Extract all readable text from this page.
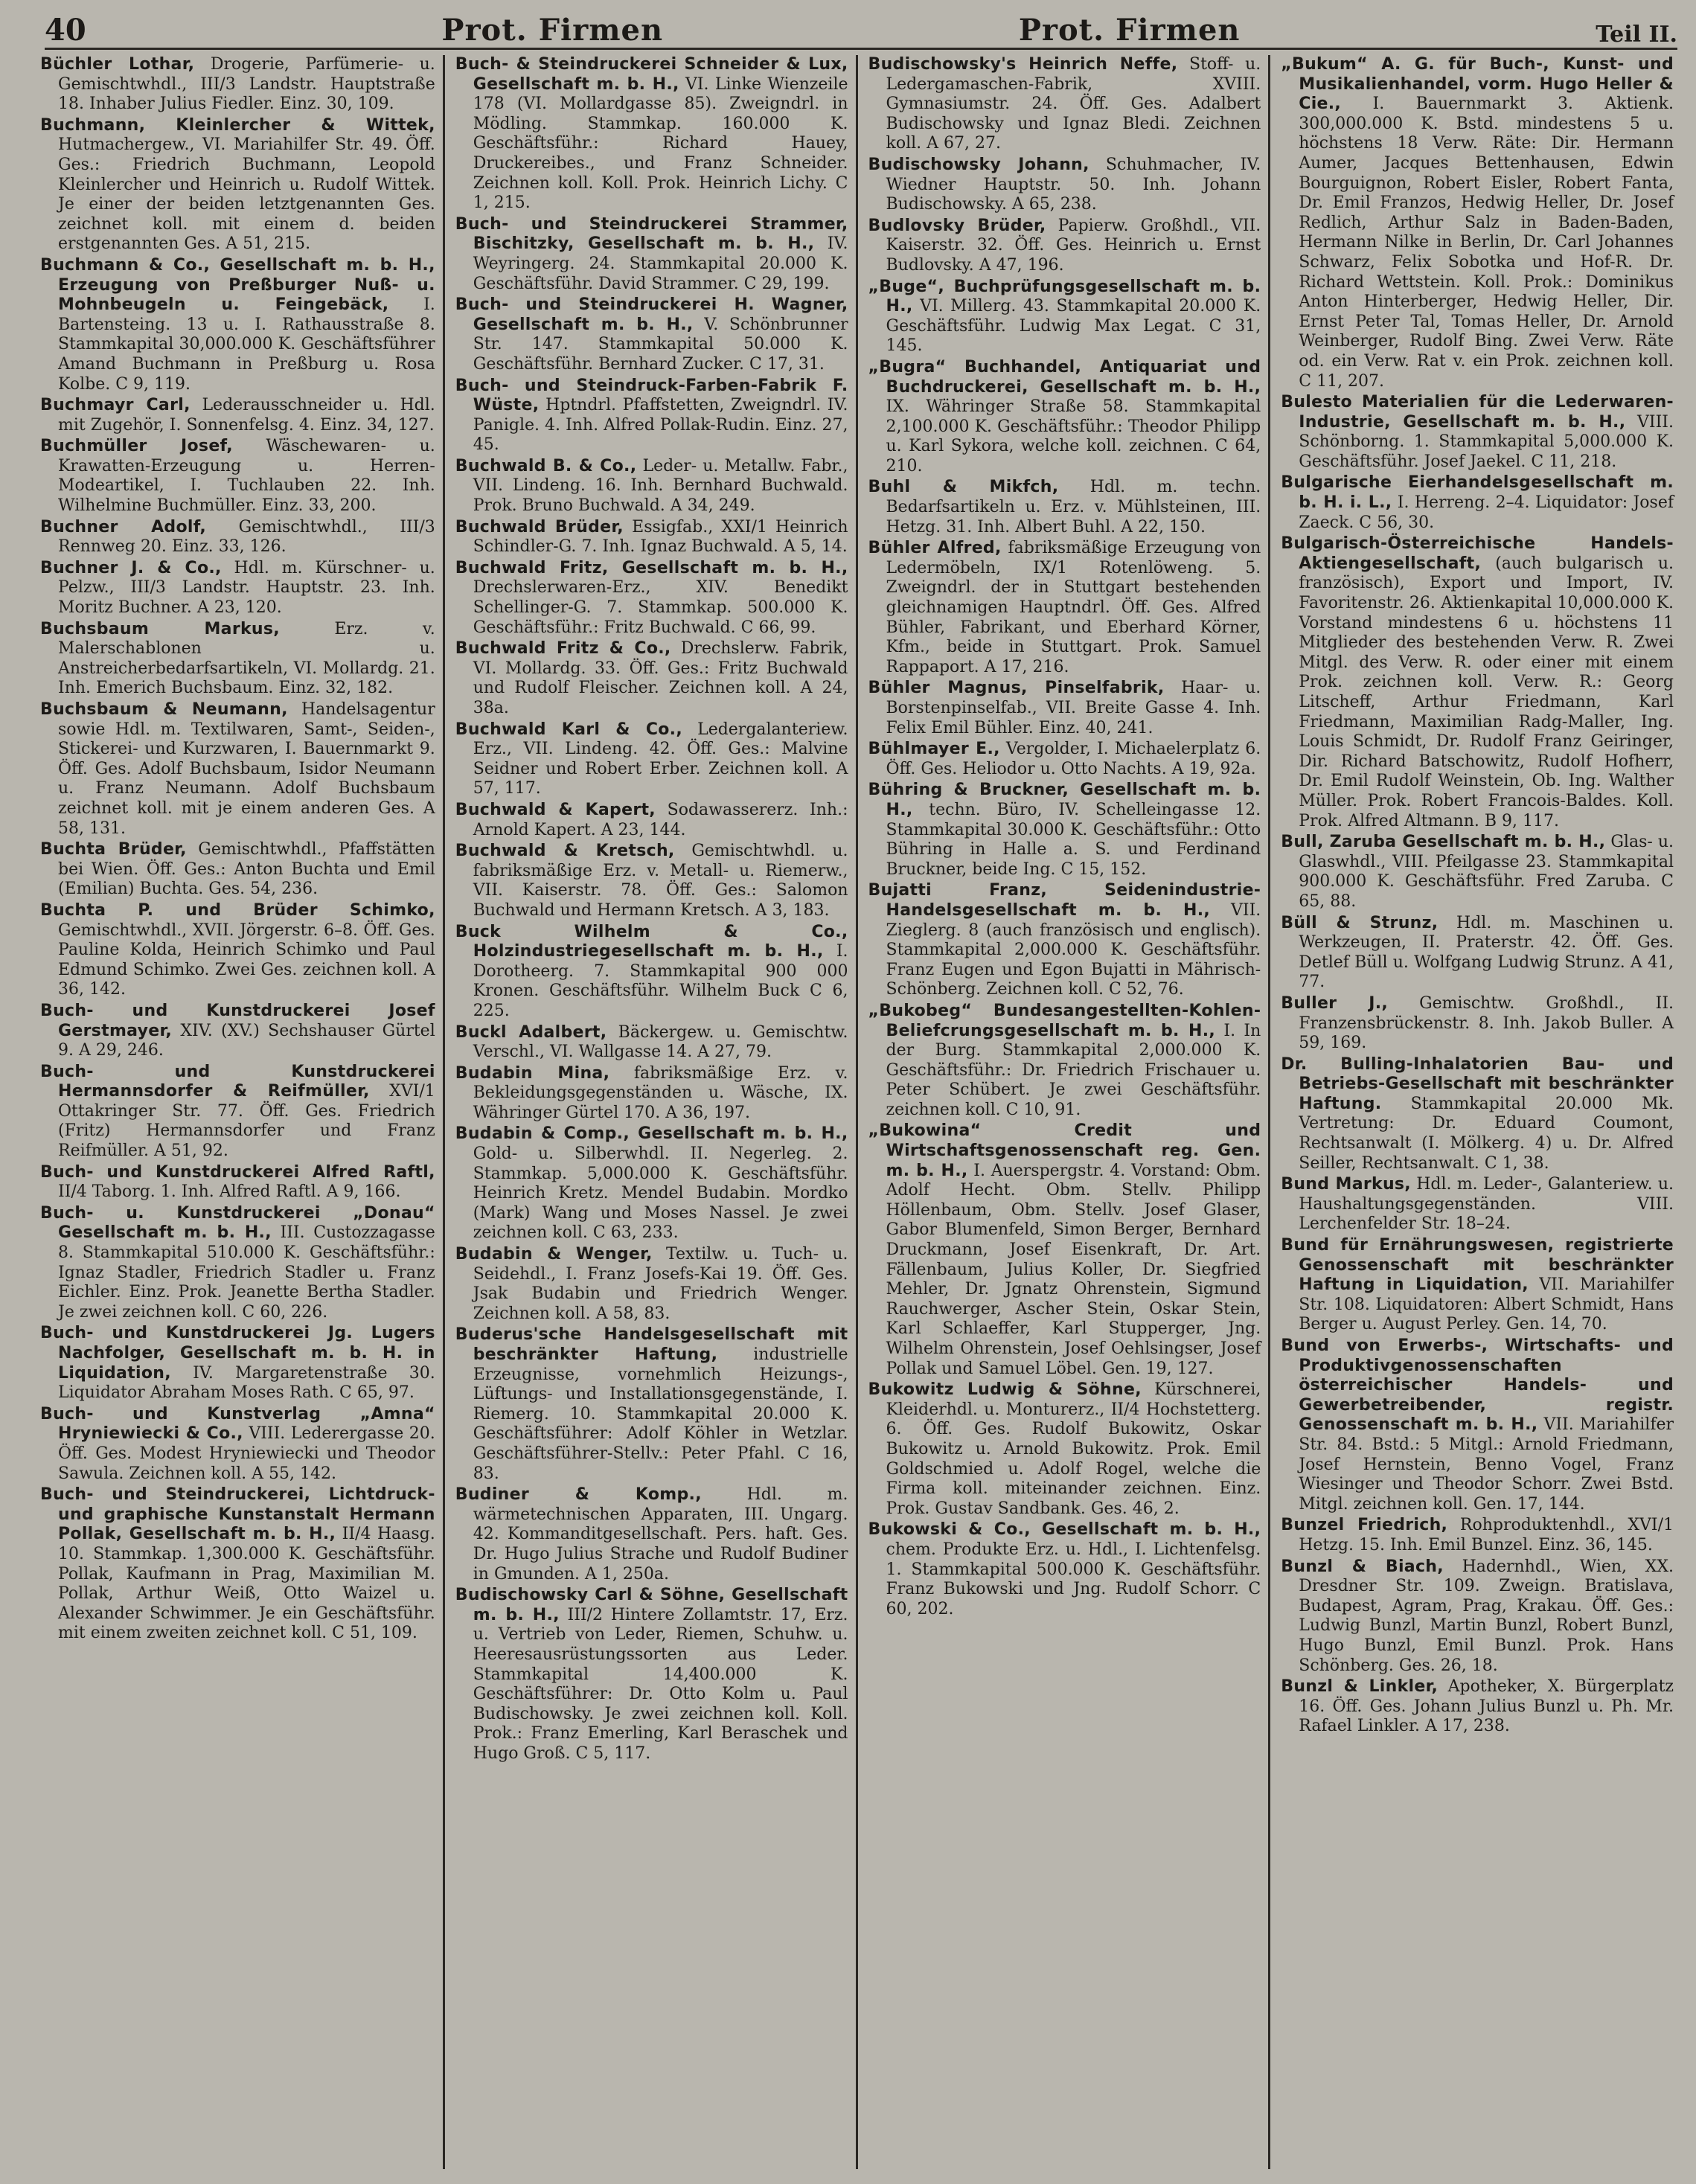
40	Prot. Firmen	Prot. Firmen	Teil II.

Büchler Lothar, Drogerie, Parfümerie- u. Gemischtwhdl., III/3 Landstr. Hauptstraße 18. Inhaber Julius Fiedler. Einz. 30, 109.

Buchmann, Kleinlercher & Wittek, Hutmachergew., VI. Mariahilfer Str. 49. Öff. Ges.: Friedrich Buchmann, Leopold Kleinlercher und Heinrich u. Rudolf Wittek. Je einer der beiden letztgenannten Ges. zeichnet koll. mit einem d. beiden erstgenannten Ges. A 51, 215.

Buchmann & Co., Gesellschaft m. b. H., Erzeugung von Preßburger Nuß- u. Mohnbeugeln u. Feingebäck, I. Bartensteing. 13 u. I. Rathausstraße 8. Stammkapital 30,000.000 K. Geschäftsführer Amand Buchmann in Preßburg u. Rosa Kolbe. C 9, 119.

Buchmayr Carl, Lederausschneider u. Hdl. mit Zugehör, I. Sonnenfelsg. 4. Einz. 34, 127.

Buchmüller Josef, Wäschewaren- u. Krawatten-Erzeugung u. Herren-Modeartikel, I. Tuchlauben 22. Inh. Wilhelmine Buchmüller. Einz. 33, 200.

Buchner Adolf, Gemischtwhdl., III/3 Rennweg 20. Einz. 33, 126.

Buchner J. & Co., Hdl. m. Kürschner- u. Pelzw., III/3 Landstr. Hauptstr. 23. Inh. Moritz Buchner. A 23, 120.

Buchsbaum Markus,	Erz. v. Malerschablonen u. Anstreicherbedarfsartikeln, VI. Mollardg. 21. Inh. Emerich Buchsbaum. Einz. 32, 182.

Buchsbaum & Neumann, Handelsagentur sowie Hdl. m. Textilwaren, Samt-, Seiden-, Stickerei- und Kurzwaren, I. Bauernmarkt 9. Öff. Ges. Adolf Buchsbaum, Isidor Neumann u. Franz Neumann. Adolf Buchsbaum zeichnet koll. mit je einem anderen Ges. A 58, 131.

Buchta Brüder, Gemischtwhdl., Pfaffstätten bei Wien. Öff. Ges.: Anton Buchta und Emil (Emilian) Buchta. Ges. 54, 236.

Buchta P. und Brüder Schimko, Gemischtwhdl., XVII. Jörgerstr. 6–8. Öff. Ges. Pauline Kolda, Heinrich Schimko und Paul Edmund Schimko. Zwei Ges. zeichnen koll. A 36, 142.

Buch- und Kunstdruckerei Josef Gerstmayer, XIV. (XV.) Sechshauser Gürtel 9. A 29, 246.

Buch- und Kunstdruckerei Hermannsdorfer & Reifmüller, XVI/1 Ottakringer Str. 77. Öff. Ges. Friedrich (Fritz) Hermannsdorfer und Franz Reifmüller. A 51, 92.

Buch- und Kunstdruckerei Alfred Raftl, II/4 Taborg. 1. Inh. Alfred Raftl. A 9, 166.

Buch- u. Kunstdruckerei „Donau“ Gesellschaft m. b. H., III. Custozzagasse 8. Stammkapital 510.000 K. Geschäftsführ.: Ignaz Stadler, Friedrich Stadler u. Franz Eichler. Einz. Prok. Jeanette Bertha Stadler. Je zwei zeichnen koll. C 60, 226.

Buch- und Kunstdruckerei Jg. Lugers Nachfolger, Gesellschaft m. b. H. in Liquidation, IV. Margaretenstraße 30. Liquidator Abraham Moses Rath. C 65, 97.

Buch- und Kunstverlag „Amna“ Hryniewiecki & Co., VIII. Lederergasse 20. Öff. Ges. Modest Hryniewiecki und Theodor Sawula. Zeichnen koll. A 55, 142.

Buch- und Steindruckerei, Lichtdruck- und graphische Kunstanstalt Hermann Pollak, Gesellschaft m. b. H., II/4 Haasg. 10. Stammkap. 1,300.000 K. Geschäftsführ. Pollak, Kaufmann in Prag, Maximilian M. Pollak, Arthur Weiß, Otto Waizel u. Alexander Schwimmer. Je ein Geschäftsführ. mit einem zweiten zeichnet koll. C 51, 109.

Buch- & Steindruckerei Schneider & Lux, Gesellschaft m. b. H., VI. Linke Wienzeile 178 (VI. Mollardgasse 85). Zweigndrl. in Mödling. Stammkap. 160.000 K. Geschäftsführ.: Richard Hauey, Druckereibes., und Franz Schneider. Zeichnen koll. Koll. Prok. Heinrich Lichy. C 1, 215.

Buch- und Steindruckerei Strammer, Bischitzky, Gesellschaft m. b. H., IV. Weyringerg. 24. Stammkapital 20.000 K. Geschäftsführ. David Strammer. C 29, 199.

Buch- und Steindruckerei H. Wagner, Gesellschaft m. b. H., V. Schönbrunner Str. 147. Stammkapital 50.000 K. Geschäftsführ. Bernhard Zucker. C 17, 31.

Buch- und Steindruck-Farben-Fabrik F. Wüste, Hptndrl. Pfaffstetten, Zweigndrl. IV. Panigle. 4. Inh. Alfred Pollak-Rudin. Einz. 27, 45.

Buchwald B. & Co., Leder- u. Metallw. Fabr., VII. Lindeng. 16. Inh. Bernhard Buchwald. Prok. Bruno Buchwald. A 34, 249.

Buchwald Brüder, Essigfab., XXI/1 Heinrich Schindler-G. 7. Inh. Ignaz Buchwald. A 5, 14.

Buchwald Fritz, Gesellschaft m. b. H., Drechslerwaren-Erz., XIV. Benedikt Schellinger-G. 7. Stammkap. 500.000 K. Geschäftsführ.: Fritz Buchwald. C 66, 99.

Buchwald Fritz & Co., Drechslerw. Fabrik, VI. Mollardg. 33. Öff. Ges.: Fritz Buchwald und Rudolf Fleischer. Zeichnen koll. A 24, 38a.

Buchwald Karl & Co., Ledergalanteriew. Erz., VII. Lindeng. 42. Öff. Ges.: Malvine Seidner und Robert Erber. Zeichnen koll. A 57, 117.

Buchwald & Kapert, Sodawassererz. Inh.: Arnold Kapert. A 23, 144.

Buchwald & Kretsch, Gemischtwhdl. u. fabriksmäßige Erz. v. Metall- u. Riemerw., VII. Kaiserstr. 78. Öff. Ges.: Salomon Buchwald und Hermann Kretsch. A 3, 183.

Buck Wilhelm & Co., Holzindustriegesellschaft m. b. H., I. Dorotheerg. 7. Stammkapital 900 000 Kronen. Geschäftsführ. Wilhelm Buck C 6, 225.

Buckl Adalbert, Bäckergew. u. Gemischtw. Verschl., VI. Wallgasse 14. A 27, 79.

Budabin Mina, fabriksmäßige Erz. v. Bekleidungsgegenständen u. Wäsche, IX. Währinger Gürtel 170. A 36, 197.

Budabin & Comp., Gesellschaft m. b. H., Gold- u. Silberwhdl. II. Negerleg. 2. Stammkap. 5,000.000 K. Geschäftsführ. Heinrich Kretz. Mendel Budabin. Mordko (Mark) Wang und Moses Nassel. Je zwei zeichnen koll. C 63, 233.

Budabin & Wenger, Textilw. u. Tuch- u. Seidehdl., I. Franz Josefs-Kai 19. Öff. Ges. Jsak Budabin und Friedrich Wenger. Zeichnen koll. A 58, 83.

Buderus'sche Handelsgesellschaft mit beschränkter Haftung, industrielle Erzeugnisse, vornehmlich Heizungs-, Lüftungs- und Installationsgegenstände, I. Riemerg. 10. Stammkapital 20.000 K. Geschäftsführer: Adolf Köhler in Wetzlar. Geschäftsführer-Stellv.: Peter Pfahl. C 16, 83.

Budiner & Komp.,	Hdl. m. wärmetechnischen Apparaten, III. Ungarg. 42. Kommanditgesellschaft. Pers. haft. Ges. Dr. Hugo Julius Strache und Rudolf Budiner in Gmunden. A 1, 250a.

Budischowsky Carl & Söhne, Gesellschaft m. b. H., III/2 Hintere Zollamtstr. 17, Erz. u. Vertrieb von Leder, Riemen, Schuhw. u. Heeresausrüstungssorten aus Leder. Stammkapital 14,400.000 K. Geschäftsführer: Dr. Otto Kolm u. Paul Budischowsky. Je zwei zeichnen koll. Koll. Prok.: Franz Emerling, Karl Beraschek und Hugo Groß. C 5, 117.

Budischowsky's Heinrich Neffe, Stoff- u. Ledergamaschen-Fabrik, XVIII. Gymnasiumstr. 24. Öff. Ges. Adalbert Budischowsky und Ignaz Bledi. Zeichnen koll. A 67, 27.

Budischowsky Johann, Schuhmacher, IV. Wiedner Hauptstr. 50. Inh. Johann Budischowsky. A 65, 238.

Budlovsky Brüder, Papierw. Großhdl., VII. Kaiserstr. 32. Öff. Ges. Heinrich u. Ernst Budlovsky. A 47, 196.

„Buge“, Buchprüfungsgesellschaft m. b. H., VI. Millerg. 43. Stammkapital 20.000 K. Geschäftsführ. Ludwig Max Legat. C 31, 145.

„Bugra“ Buchhandel, Antiquariat und Buchdruckerei, Gesellschaft m. b. H., IX. Währinger Straße 58. Stammkapital 2,100.000 K. Geschäftsführ.: Theodor Philipp u. Karl Sykora, welche koll. zeichnen. C 64, 210.

Buhl & Mikfch, Hdl. m. techn. Bedarfsartikeln u. Erz. v. Mühlsteinen, III. Hetzg. 31. Inh. Albert Buhl. A 22, 150.

Bühler Alfred, fabriksmäßige Erzeugung von Ledermöbeln, IX/1 Rotenlöweng. 5. Zweigndrl. der in Stuttgart bestehenden gleichnamigen Hauptndrl. Öff. Ges. Alfred Bühler, Fabrikant, und Eberhard Körner, Kfm., beide in Stuttgart. Prok. Samuel Rappaport. A 17, 216.

Bühler Magnus, Pinselfabrik, Haar- u. Borstenpinselfab., VII. Breite Gasse 4. Inh. Felix Emil Bühler. Einz. 40, 241.

Bühlmayer E., Vergolder, I. Michaelerplatz 6. Öff. Ges. Heliodor u. Otto Nachts. A 19, 92a.

Bühring & Bruckner, Gesellschaft m. b. H., techn. Büro, IV. Schelleingasse 12. Stammkapital 30.000 K. Geschäftsführ.: Otto Bühring in Halle a. S. und Ferdinand Bruckner, beide Ing. C 15, 152.

Bujatti Franz, Seidenindustrie-Handelsgesellschaft m. b. H., VII. Zieglerg. 8 (auch französisch und englisch). Stammkapital 2,000.000 K. Geschäftsführ. Franz Eugen und Egon Bujatti in Mährisch-Schönberg. Zeichnen koll. C 52, 76.

„Bukobeg“ Bundesangestellten-Kohlen- Beliefcrungsgesellschaft m. b. H., I. In der Burg. Stammkapital 2,000.000 K. Geschäftsführ.: Dr. Friedrich Frischauer u. Peter Schübert. Je zwei Geschäftsführ. zeichnen koll. C 10, 91.

„Bukowina“ Credit und Wirtschaftsgenossenschaft reg. Gen. m. b. H., I. Auerspergstr. 4. Vorstand: Obm. Adolf Hecht. Obm. Stellv. Philipp Höllenbaum, Obm. Stellv. Josef Glaser, Gabor Blumenfeld, Simon Berger, Bernhard Druckmann, Josef Eisenkraft, Dr. Art. Fällenbaum, Julius Koller, Dr. Siegfried Mehler, Dr. Jgnatz Ohrenstein, Sigmund Rauchwerger, Ascher Stein, Oskar Stein, Karl Schlaeffer, Karl Stupperger, Jng. Wilhelm Ohrenstein, Josef Oehlsingser, Josef Pollak und Samuel Löbel. Gen. 19, 127.

Bukowitz Ludwig & Söhne, Kürschnerei, Kleiderhdl. u. Monturerz., II/4 Hochstetterg. 6. Öff. Ges. Rudolf Bukowitz, Oskar Bukowitz u. Arnold Bukowitz. Prok. Emil Goldschmied u. Adolf Rogel, welche die Firma koll. miteinander zeichnen. Einz. Prok. Gustav Sandbank. Ges. 46, 2.

Bukowski & Co., Gesellschaft m. b. H., chem. Produkte Erz. u. Hdl., I. Lichtenfelsg. 1. Stammkapital 500.000 K. Geschäftsführ. Franz Bukowski und Jng. Rudolf Schorr. C 60, 202.

„Bukum“ A. G. für Buch-, Kunst- und Musikalienhandel, vorm. Hugo Heller & Cie., I. Bauernmarkt 3. Aktienk. 300,000.000 K. Bstd. mindestens 5 u. höchstens 18 Verw. Räte: Dir. Hermann Aumer, Jacques Bettenhausen, Edwin Bourguignon, Robert Eisler, Robert Fanta, Dr. Emil Franzos, Hedwig Heller, Dr. Josef Redlich, Arthur Salz in Baden-Baden, Hermann Nilke in Berlin, Dr. Carl Johannes Schwarz, Felix Sobotka und Hof-R. Dr. Richard Wettstein. Koll. Prok.: Dominikus Anton Hinterberger, Hedwig Heller, Dir. Ernst Peter Tal, Tomas Heller, Dr. Arnold Weinberger, Rudolf Bing. Zwei Verw. Räte od. ein Verw. Rat v. ein Prok. zeichnen koll. C 11, 207.

Bulesto Materialien für die Lederwaren-Industrie, Gesellschaft m. b. H., VIII. Schönborng. 1. Stammkapital 5,000.000 K. Geschäftsführ. Josef Jaekel. C 11, 218.

Bulgarische Eierhandelsgesellschaft m. b. H. i. L., I. Herreng. 2–4. Liquidator: Josef Zaeck. C 56, 30.

Bulgarisch-Österreichische Handels-Aktiengesellschaft, (auch bulgarisch u. französisch), Export und Import, IV. Favoritenstr. 26. Aktienkapital 10,000.000 K. Vorstand mindestens 6 u. höchstens 11 Mitglieder des bestehenden Verw. R. Zwei Mitgl. des Verw. R. oder einer mit einem Prok. zeichnen koll. Verw. R.: Georg Litscheff, Arthur Friedmann, Karl Friedmann, Maximilian Radg-Maller, Ing. Louis Schmidt, Dr. Rudolf Franz Geiringer, Dir. Richard Batschowitz, Rudolf Hofherr, Dr. Emil Rudolf Weinstein, Ob. Ing. Walther Müller. Prok. Robert Francois-Baldes. Koll. Prok. Alfred Altmann. B 9, 117.

Bull, Zaruba Gesellschaft m. b. H., Glas- u. Glaswhdl., VIII. Pfeilgasse 23. Stammkapital 900.000 K. Geschäftsführ. Fred Zaruba. C 65, 88.

Büll & Strunz, Hdl. m. Maschinen u. Werkzeugen, II. Praterstr. 42. Öff. Ges. Detlef Büll u. Wolfgang Ludwig Strunz. A 41, 77.

Buller J., Gemischtw. Großhdl., II. Franzensbrückenstr. 8. Inh. Jakob Buller. A 59, 169.

Dr. Bulling-Inhalatorien Bau- und Betriebs-Gesellschaft mit beschränkter Haftung. Stammkapital 20.000 Mk. Vertretung: Dr. Eduard Coumont, Rechtsanwalt (I. Mölkerg. 4) u. Dr. Alfred Seiller, Rechtsanwalt. C 1, 38.

Bund Markus, Hdl. m. Leder-, Galanteriew. u. Haushaltungsgegenständen. VIII. Lerchenfelder Str. 18–24.

Bund für Ernährungswesen, registrierte Genossenschaft mit beschränkter Haftung in Liquidation, VII. Mariahilfer Str. 108. Liquidatoren: Albert Schmidt, Hans Berger u. August Perley. Gen. 14, 70.

Bund von Erwerbs-, Wirtschafts- und Produktivgenossenschaften österreichischer Handels- und Gewerbetreibender, registr. Genossenschaft m. b. H., VII. Mariahilfer Str. 84. Bstd.: 5 Mitgl.: Arnold Friedmann, Josef Hernstein, Benno Vogel, Franz Wiesinger und Theodor Schorr. Zwei Bstd. Mitgl. zeichnen koll. Gen. 17, 144.

Bunzel Friedrich, Rohproduktenhdl., XVI/1 Hetzg. 15. Inh. Emil Bunzel. Einz. 36, 145.

Bunzl & Biach, Hadernhdl., Wien, XX. Dresdner Str. 109. Zweign. Bratislava, Budapest, Agram, Prag, Krakau. Öff. Ges.: Ludwig Bunzl, Martin Bunzl, Robert Bunzl, Hugo Bunzl, Emil Bunzl. Prok. Hans Schönberg. Ges. 26, 18.

Bunzl & Linkler, Apotheker, X. Bürgerplatz 16. Öff. Ges. Johann Julius Bunzl u. Ph. Mr. Rafael Linkler. A 17, 238.
